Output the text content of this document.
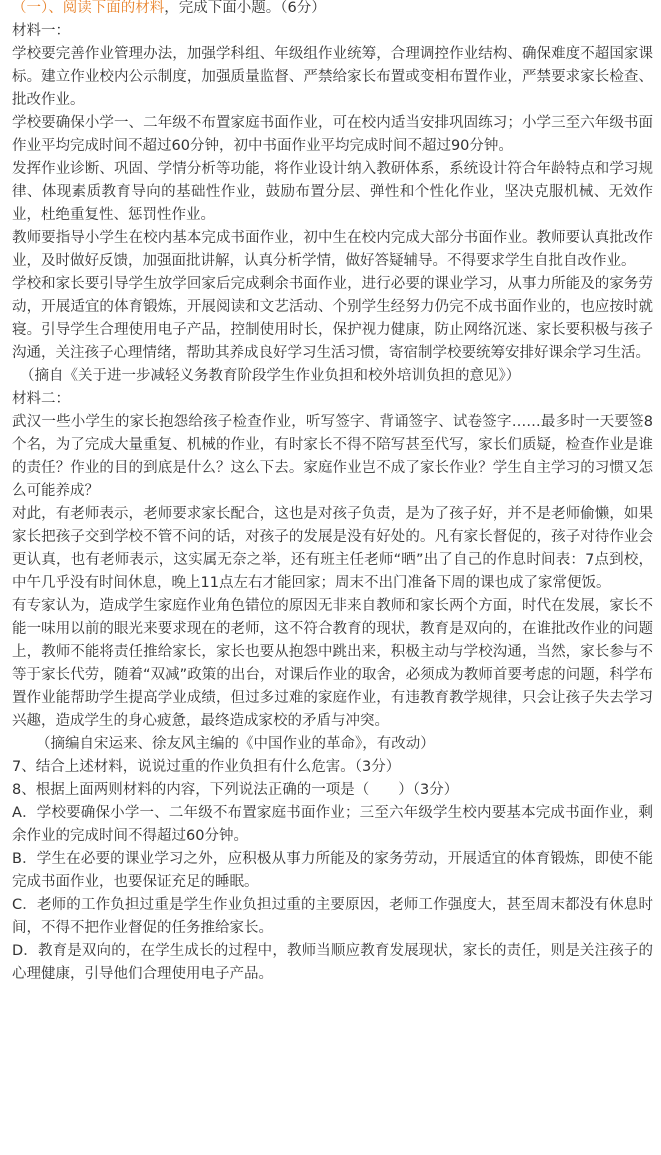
（一）、阅读下面的材料，完成下面小题。（6分）

材料一：

学校要完善作业管理办法，加强学科组、年级组作业统筹，合理调控作业结构、确保难度不超国家课标。建立作业校内公示制度，加强质量监督、严禁给家长布置或变相布置作业，严禁要求家长检查、批改作业。

学校要确保小学一、二年级不布置家庭书面作业，可在校内适当安排巩固练习；小学三至六年级书面作业平均完成时间不超过60分钟，初中书面作业平均完成时间不超过90分钟。

发挥作业诊断、巩固、学情分析等功能，将作业设计纳入教研体系，系统设计符合年龄特点和学习规律、体现素质教育导向的基础性作业，鼓励布置分层、弹性和个性化作业，坚决克服机械、无效作业，杜绝重复性、惩罚性作业。

教师要指导小学生在校内基本完成书面作业，初中生在校内完成大部分书面作业。教师要认真批改作业，及时做好反馈，加强面批讲解，认真分析学情，做好答疑辅导。不得要求学生自批自改作业。

学校和家长要引导学生放学回家后完成剩余书面作业，进行必要的课业学习，从事力所能及的家务劳动，开展适宜的体育锻炼，开展阅读和文艺活动、个别学生经努力仍完不成书面作业的，也应按时就寝。引导学生合理使用电子产品，控制使用时长，保护视力健康，防止网络沉迷、家长要积极与孩子沟通，关注孩子心理情绪，帮助其养成良好学习生活习惯，寄宿制学校要统筹安排好课余学习生活。

（摘自《关于进一步减轻义务教育阶段学生作业负担和校外培训负担的意见》）

材料二：

武汉一些小学生的家长抱怨给孩子检查作业，听写签字、背诵签字、试卷签字……最多时一天要签8个名，为了完成大量重复、机械的作业，有时家长不得不陪写甚至代写，家长们质疑，检查作业是谁的责任？作业的目的到底是什么？这么下去。家庭作业岂不成了家长作业？学生自主学习的习惯又怎么可能养成？

对此，有老师表示，老师要求家长配合，这也是对孩子负责，是为了孩子好，并不是老师偷懒，如果家长把孩子交到学校不管不问的话，对孩子的发展是没有好处的。凡有家长督促的，孩子对待作业会更认真，也有老师表示，这实属无奈之举，还有班主任老师“晒”出了自己的作息时间表：7点到校，中午几乎没有时间休息，晚上11点左右才能回家；周末不出门准备下周的课也成了家常便饭。

有专家认为，造成学生家庭作业角色错位的原因无非来自教师和家长两个方面，时代在发展，家长不能一味用以前的眼光来要求现在的老师，这不符合教育的现状，教育是双向的，在谁批改作业的问题上，教师不能将责任推给家长，家长也要从抱怨中跳出来，积极主动与学校沟通，当然，家长参与不等于家长代劳，随着“双减”政策的出台，对课后作业的取舍，必须成为教师首要考虑的问题，科学布置作业能帮助学生提高学业成绩，但过多过难的家庭作业，有违教育教学规律，只会让孩子失去学习兴趣，造成学生的身心疲惫，最终造成家校的矛盾与冲突。

（摘编自宋运来、徐友风主编的《中国作业的革命》，有改动）

7、结合上述材料，说说过重的作业负担有什么危害。（3分）

8、根据上面两则材料的内容，下列说法正确的一项是（　　）（3分）

A．学校要确保小学一、二年级不布置家庭书面作业；三至六年级学生校内要基本完成书面作业，剩余作业的完成时间不得超过60分钟。

B．学生在必要的课业学习之外，应积极从事力所能及的家务劳动，开展适宜的体育锻炼，即使不能完成书面作业，也要保证充足的睡眠。

C．老师的工作负担过重是学生作业负担过重的主要原因，老师工作强度大，甚至周末都没有休息时间，不得不把作业督促的任务推给家长。

D．教育是双向的，在学生成长的过程中，教师当顺应教育发展现状，家长的责任，则是关注孩子的心理健康，引导他们合理使用电子产品。
